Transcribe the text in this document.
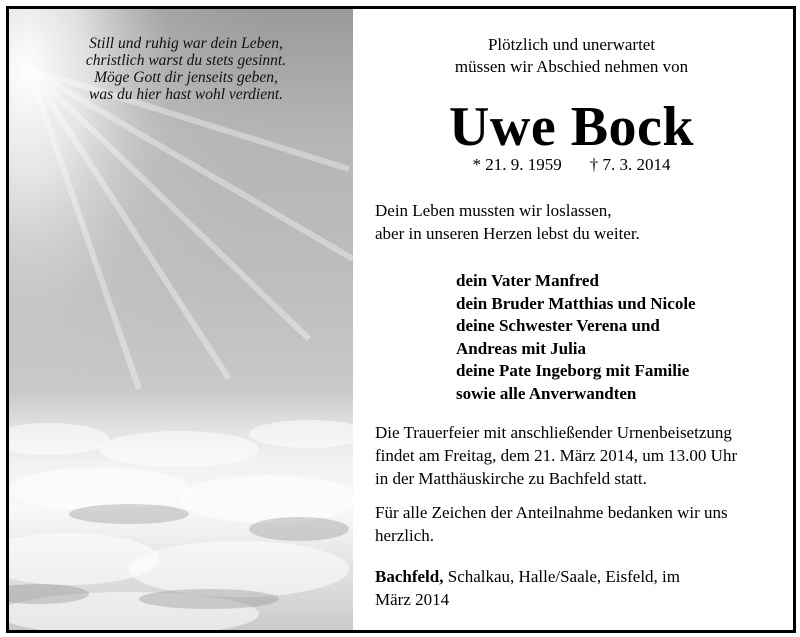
Still und ruhig war dein Leben,
christlich warst du stets gesinnt.
Möge Gott dir jenseits geben,
was du hier hast wohl verdient.
Plötzlich und unerwartet
müssen wir Abschied nehmen von
Uwe Bock
* 21. 9. 1959 † 7. 3. 2014
Dein Leben mussten wir loslassen,
aber in unseren Herzen lebst du weiter.
dein Vater Manfred
dein Bruder Matthias und Nicole
deine Schwester Verena und
Andreas mit Julia
deine Pate Ingeborg mit Familie
sowie alle Anverwandten
Die Trauerfeier mit anschließender Urnenbeisetzung
findet am Freitag, dem 21. März 2014, um 13.00 Uhr
in der Matthäuskirche zu Bachfeld statt.
Für alle Zeichen der Anteilnahme bedanken wir uns
herzlich.
Bachfeld, Schalkau, Halle/Saale, Eisfeld, im
März 2014
